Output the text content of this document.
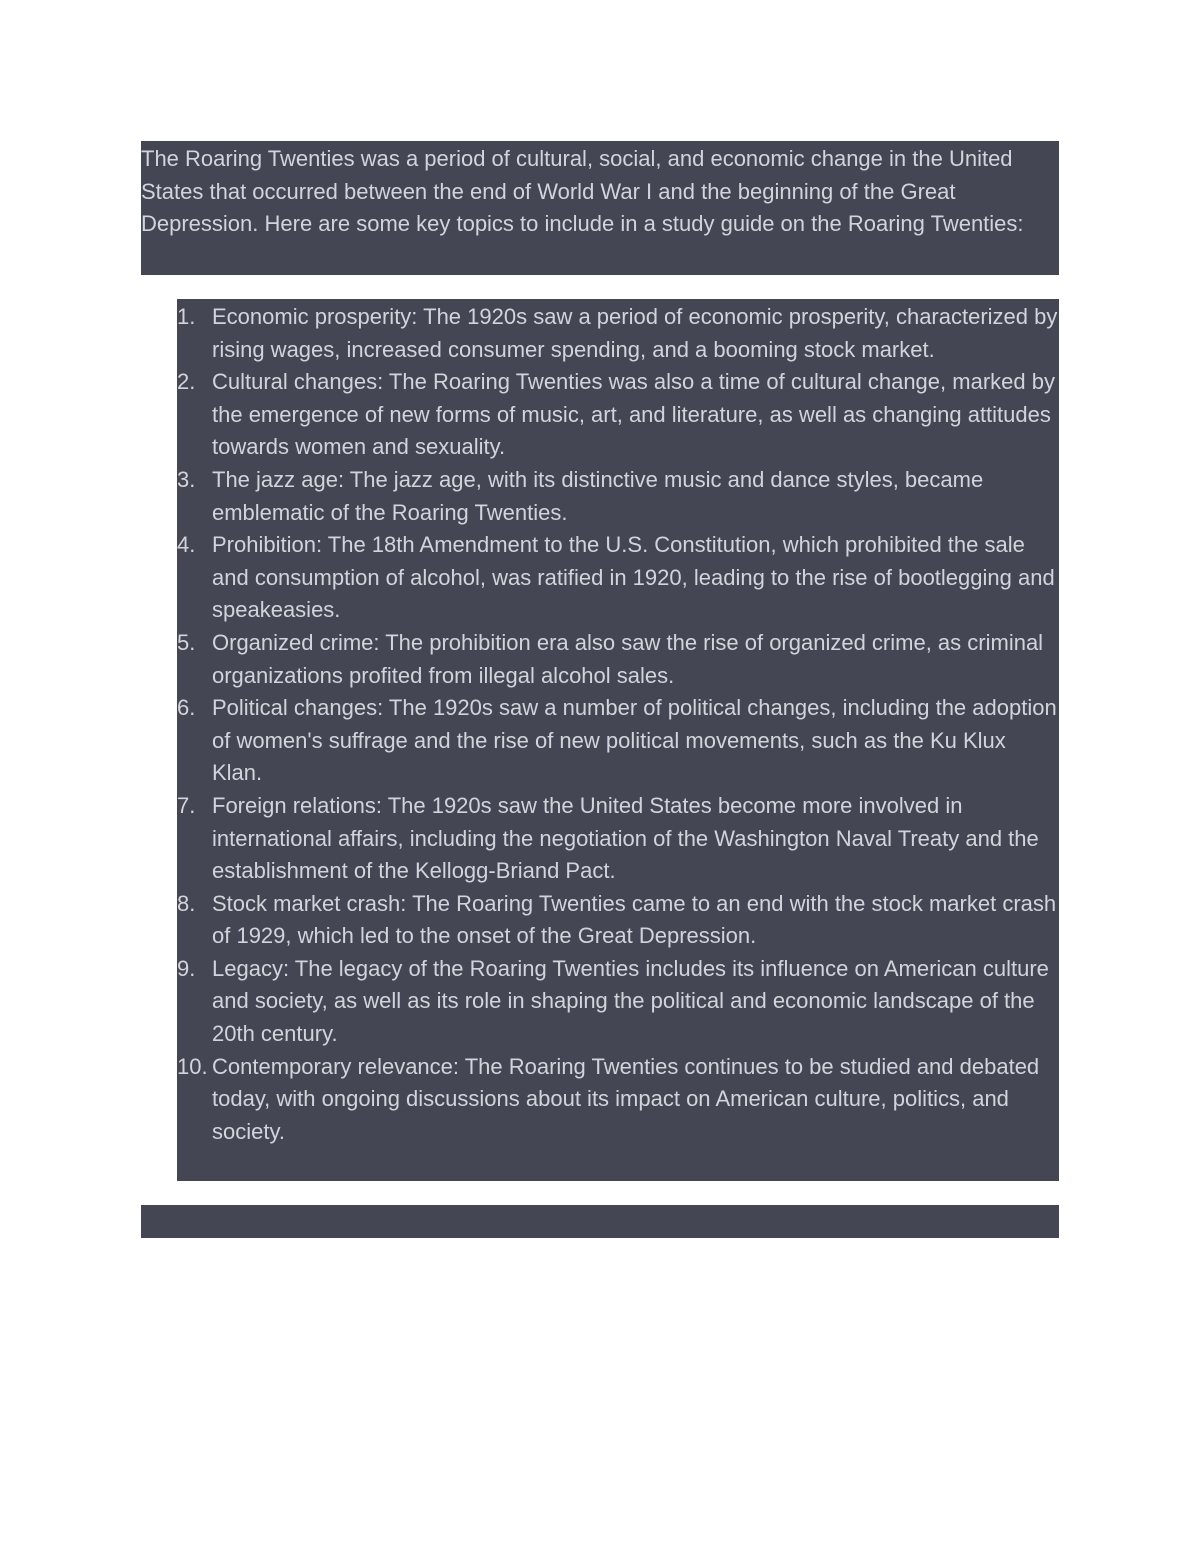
The Roaring Twenties was a period of cultural, social, and economic change in the United States that occurred between the end of World War I and the beginning of the Great Depression. Here are some key topics to include in a study guide on the Roaring Twenties:
1. Economic prosperity: The 1920s saw a period of economic prosperity, characterized by rising wages, increased consumer spending, and a booming stock market.
2. Cultural changes: The Roaring Twenties was also a time of cultural change, marked by the emergence of new forms of music, art, and literature, as well as changing attitudes towards women and sexuality.
3. The jazz age: The jazz age, with its distinctive music and dance styles, became emblematic of the Roaring Twenties.
4. Prohibition: The 18th Amendment to the U.S. Constitution, which prohibited the sale and consumption of alcohol, was ratified in 1920, leading to the rise of bootlegging and speakeasies.
5. Organized crime: The prohibition era also saw the rise of organized crime, as criminal organizations profited from illegal alcohol sales.
6. Political changes: The 1920s saw a number of political changes, including the adoption of women's suffrage and the rise of new political movements, such as the Ku Klux Klan.
7. Foreign relations: The 1920s saw the United States become more involved in international affairs, including the negotiation of the Washington Naval Treaty and the establishment of the Kellogg-Briand Pact.
8. Stock market crash: The Roaring Twenties came to an end with the stock market crash of 1929, which led to the onset of the Great Depression.
9. Legacy: The legacy of the Roaring Twenties includes its influence on American culture and society, as well as its role in shaping the political and economic landscape of the 20th century.
10. Contemporary relevance: The Roaring Twenties continues to be studied and debated today, with ongoing discussions about its impact on American culture, politics, and society.
